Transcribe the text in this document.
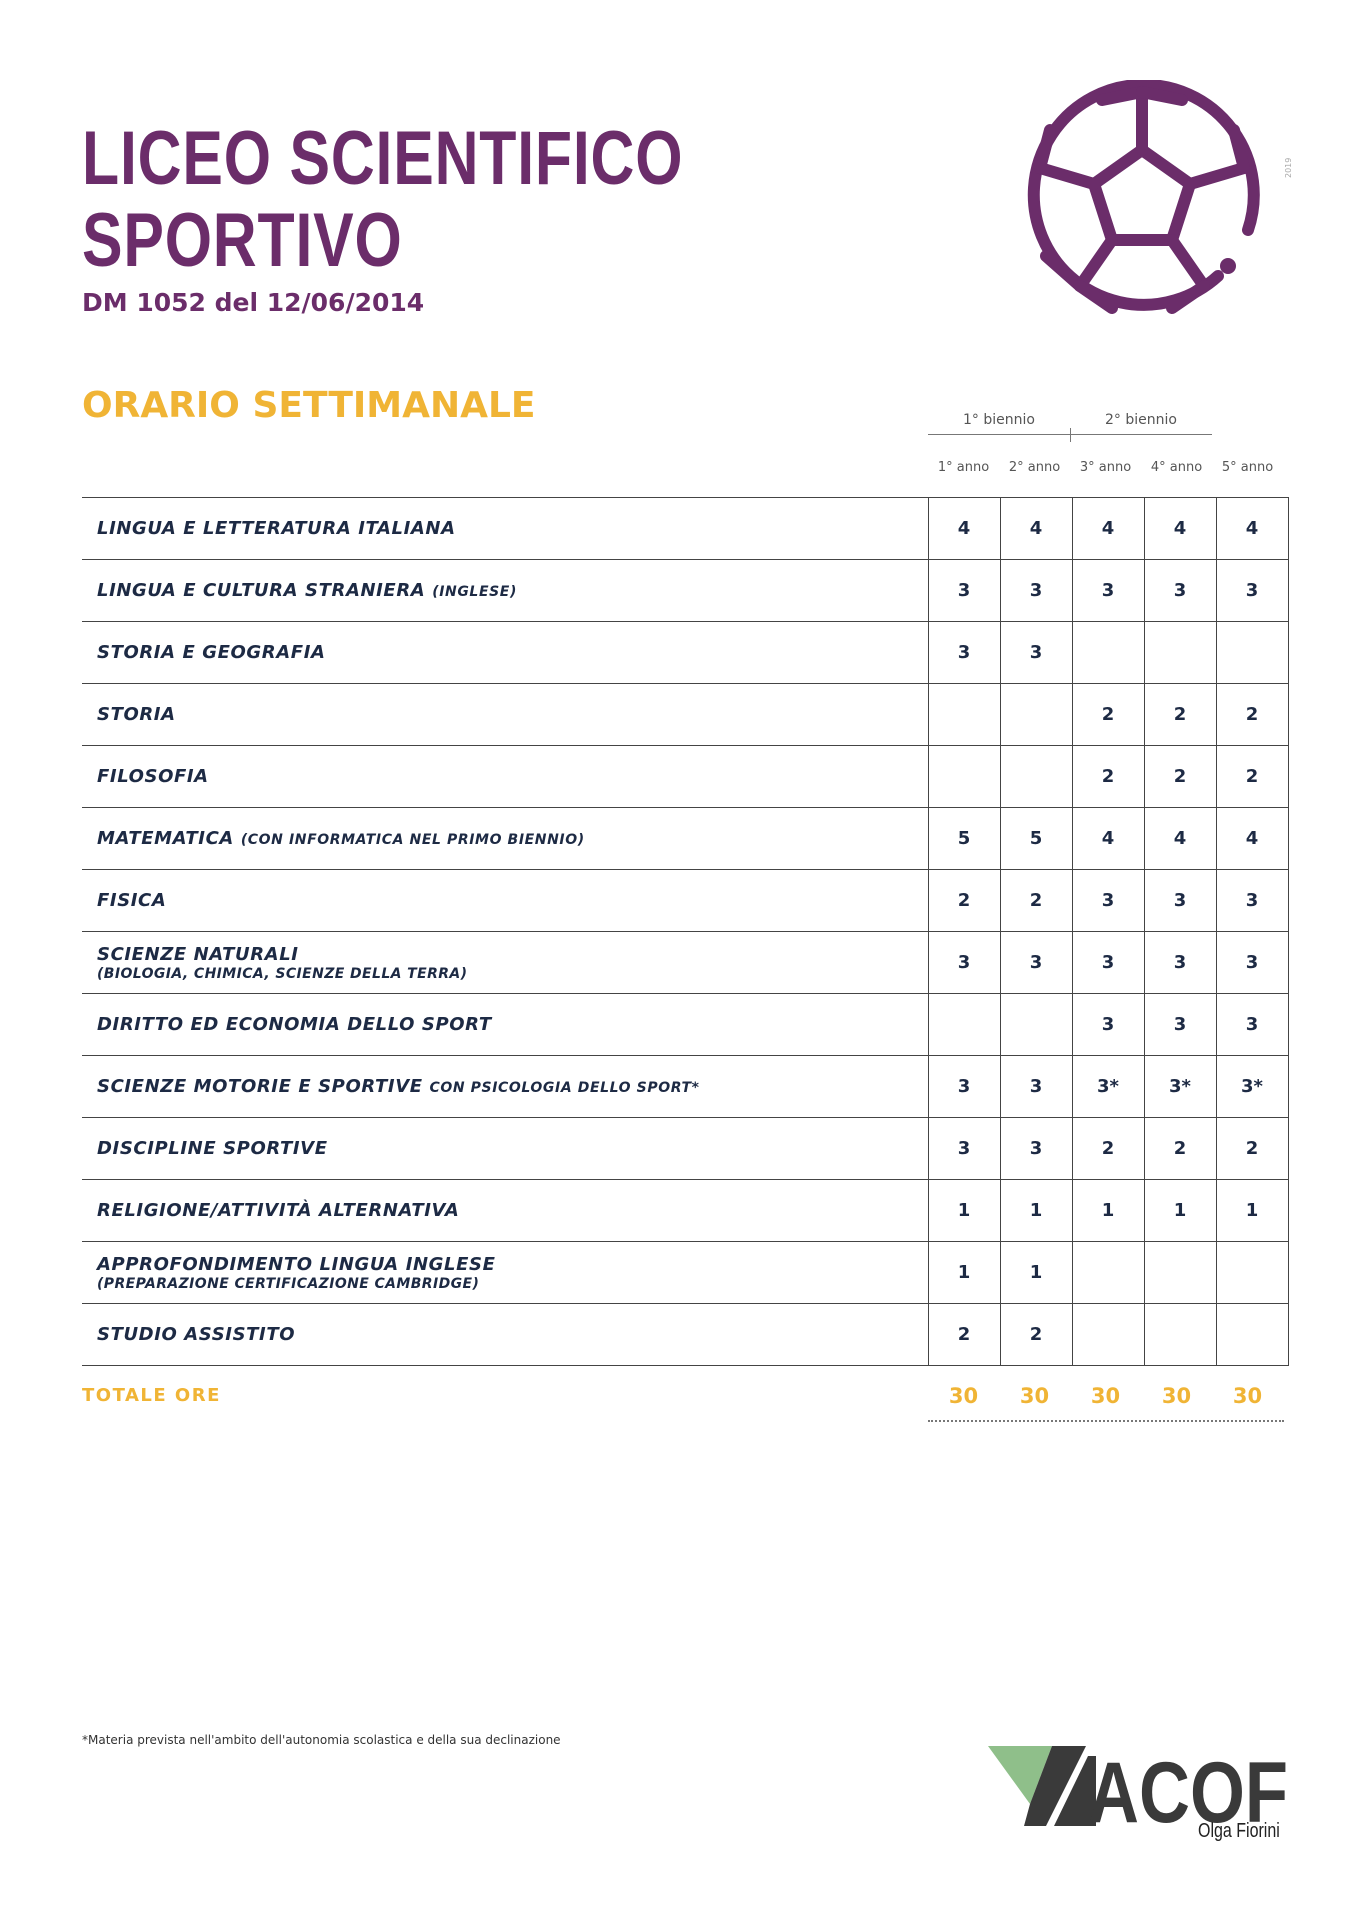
LICEO SCIENTIFICO
SPORTIVO
DM 1052 del 12/06/2014
2019
ORARIO SETTIMANALE	1° biennio	2° biennio
1° anno	2° anno	3° anno	4° anno	5° anno
LINGUA E LETTERATURA ITALIANA	4	4	4	4	4
LINGUA E CULTURA STRANIERA (INGLESE)	3	3	3	3	3
STORIA E GEOGRAFIA	3	3			
STORIA			2	2	2
FILOSOFIA			2	2	2
MATEMATICA (CON INFORMATICA NEL PRIMO BIENNIO)	5	5	4	4	4
FISICA	2	2	3	3	3
SCIENZE NATURALI
(BIOLOGIA, CHIMICA, SCIENZE DELLA TERRA)	3	3	3	3	3
DIRITTO ED ECONOMIA DELLO SPORT			3	3	3
SCIENZE MOTORIE E SPORTIVE CON PSICOLOGIA DELLO SPORT*	3	3	3*	3*	3*
DISCIPLINE SPORTIVE	3	3	2	2	2
RELIGIONE/ATTIVITÀ ALTERNATIVA	1	1	1	1	1
APPROFONDIMENTO LINGUA INGLESE
(PREPARAZIONE CERTIFICAZIONE CAMBRIDGE)	1	1			
STUDIO ASSISTITO	2	2			
TOTALE ORE	30	30	30	30	30
*Materia prevista nell'ambito dell'autonomia scolastica e della sua declinazione
ACOF
Olga Fiorini
